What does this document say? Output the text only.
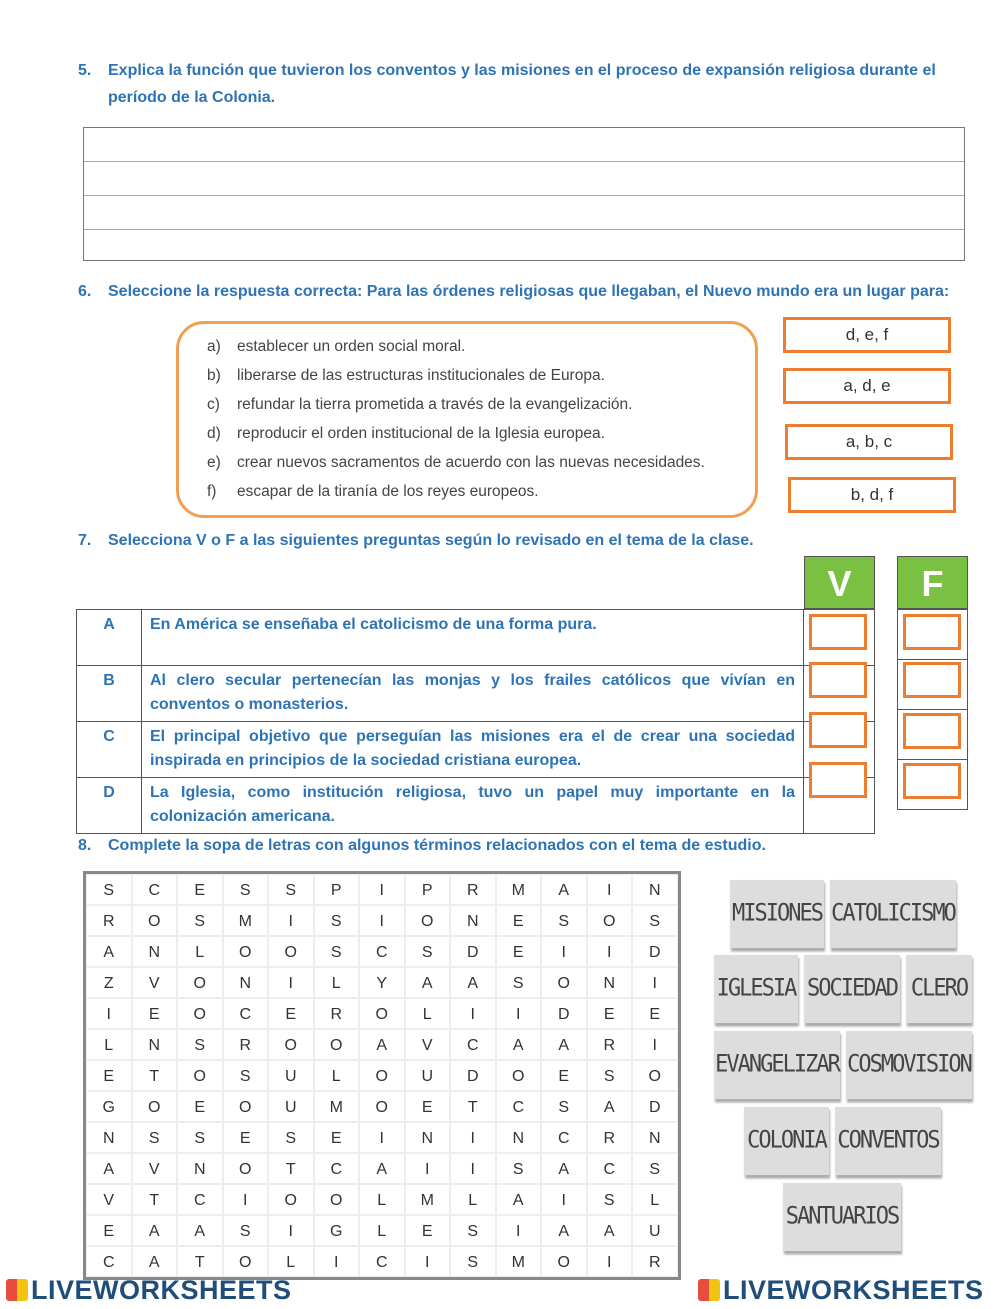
5. Explica la función que tuvieron los conventos y las misiones en el proceso de expansión religiosa durante el período de la Colonia.
6. Seleccione la respuesta correcta: Para las órdenes religiosas que llegaban, el Nuevo mundo era un lugar para:
a) establecer un orden social moral.
b) liberarse de las estructuras institucionales de Europa.
c) refundar la tierra prometida a través de la evangelización.
d) reproducir el orden institucional de la Iglesia europea.
e) crear nuevos sacramentos de acuerdo con las nuevas necesidades.
f) escapar de la tiranía de los reyes europeos.
d, e, f
a, d, e
a, b, c
b, d, f
7. Selecciona V o F a las siguientes preguntas según lo revisado en el tema de la clase.
V	F
A	En América se enseñaba el catolicismo de una forma pura.	
B	Al clero secular pertenecían las monjas y los frailes católicos que vivían en conventos o monasterios.	
C	El principal objetivo que perseguían las misiones era el de crear una sociedad inspirada en principios de la sociedad cristiana europea.	
D	La Iglesia, como institución religiosa, tuvo un papel muy importante en la colonización americana.	
8. Complete la sopa de letras con algunos términos relacionados con el tema de estudio.
S	C	E	S	S	P	I	P	R	M	A	I	N
R	O	S	M	I	S	I	O	N	E	S	O	S
A	N	L	O	O	S	C	S	D	E	I	I	D
Z	V	O	N	I	L	Y	A	A	S	O	N	I
I	E	O	C	E	R	O	L	I	I	D	E	E
L	N	S	R	O	O	A	V	C	A	A	R	I
E	T	O	S	U	L	O	U	D	O	E	S	O
G	O	E	O	U	M	O	E	T	C	S	A	D
N	S	S	E	S	E	I	N	I	N	C	R	N
A	V	N	O	T	C	A	I	I	S	A	C	S
V	T	C	I	O	O	L	M	L	A	I	S	L
E	A	A	S	I	G	L	E	S	I	A	A	U
C	A	T	O	L	I	C	I	S	M	O	I	R
MISIONES CATOLICISMO
IGLESIA SOCIEDAD CLERO
EVANGELIZAR COSMOVISION
COLONIA CONVENTOS
SANTUARIOS
LIVEWORKSHEETS	LIVEWORKSHEETS
